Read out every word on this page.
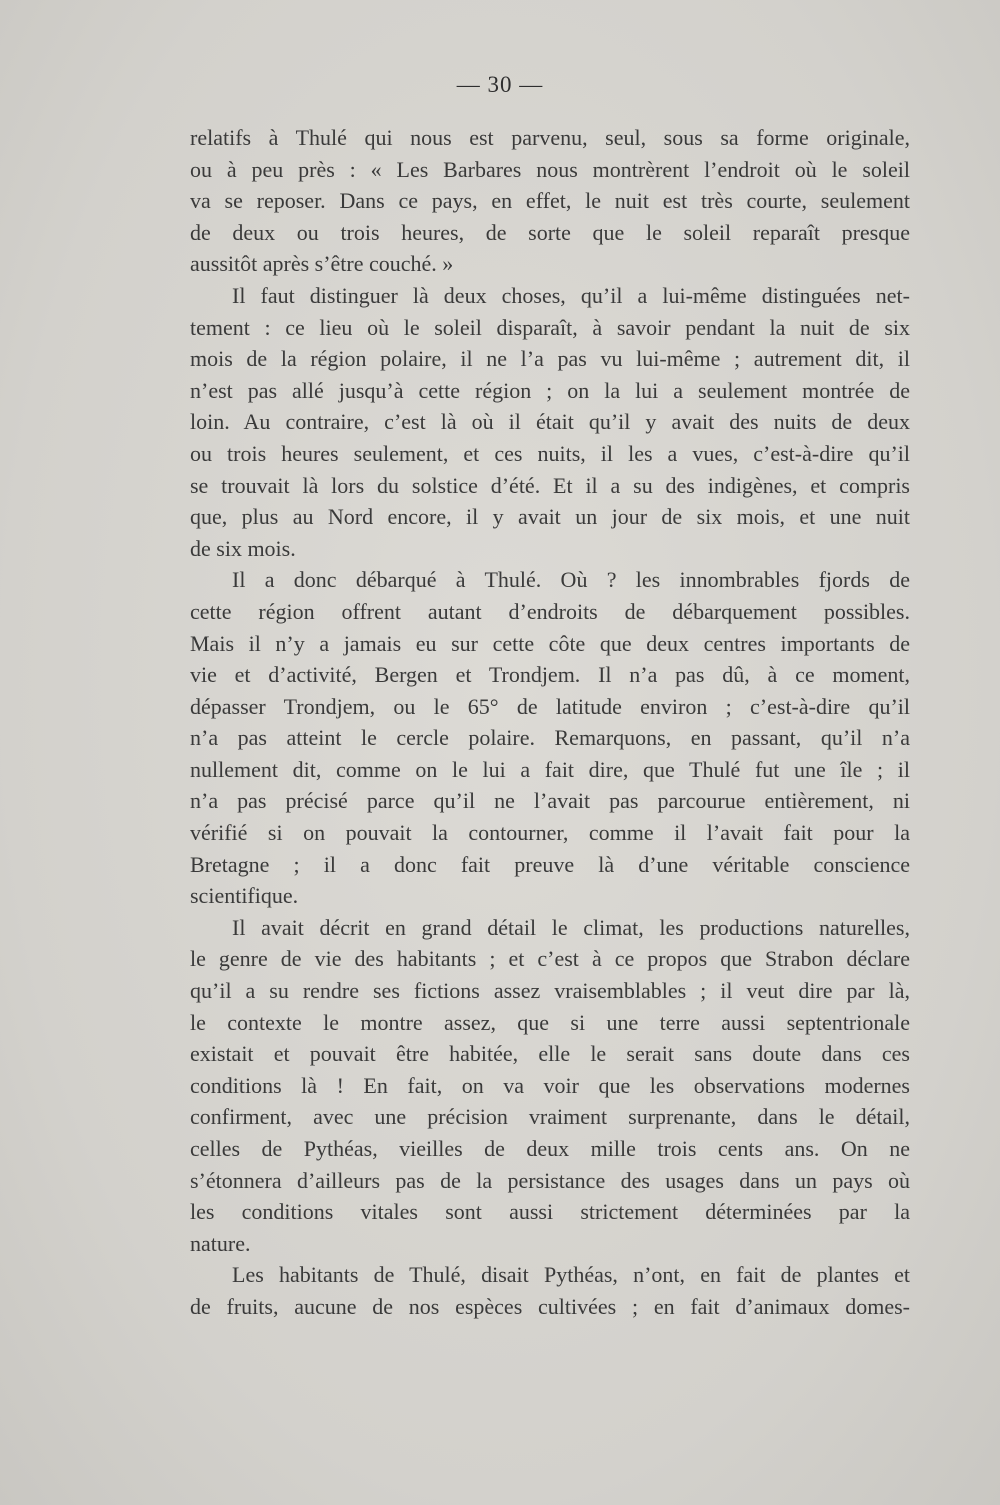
— 30 —

relatifs à Thulé qui nous est parvenu, seul, sous sa forme originale,
ou à peu près : « Les Barbares nous montrèrent l’endroit où le soleil
va se reposer. Dans ce pays, en effet, le nuit est très courte, seulement
de deux ou trois heures, de sorte que le soleil reparaît presque
aussitôt après s’être couché. »

Il faut distinguer là deux choses, qu’il a lui-même distinguées net-
tement : ce lieu où le soleil disparaît, à savoir pendant la nuit de six
mois de la région polaire, il ne l’a pas vu lui-même ; autrement dit, il
n’est pas allé jusqu’à cette région ; on la lui a seulement montrée de
loin. Au contraire, c’est là où il était qu’il y avait des nuits de deux
ou trois heures seulement, et ces nuits, il les a vues, c’est-à-dire qu’il
se trouvait là lors du solstice d’été. Et il a su des indigènes, et compris
que, plus au Nord encore, il y avait un jour de six mois, et une nuit
de six mois.

Il a donc débarqué à Thulé. Où ? les innombrables fjords de
cette région offrent autant d’endroits de débarquement possibles.
Mais il n’y a jamais eu sur cette côte que deux centres importants de
vie et d’activité, Bergen et Trondjem. Il n’a pas dû, à ce moment,
dépasser Trondjem, ou le 65° de latitude environ ; c’est-à-dire qu’il
n’a pas atteint le cercle polaire. Remarquons, en passant, qu’il n’a
nullement dit, comme on le lui a fait dire, que Thulé fut une île ; il
n’a pas précisé parce qu’il ne l’avait pas parcourue entièrement, ni
vérifié si on pouvait la contourner, comme il l’avait fait pour la
Bretagne ; il a donc fait preuve là d’une véritable conscience
scientifique.

Il avait décrit en grand détail le climat, les productions naturelles,
le genre de vie des habitants ; et c’est à ce propos que Strabon déclare
qu’il a su rendre ses fictions assez vraisemblables ; il veut dire par là,
le contexte le montre assez, que si une terre aussi septentrionale
existait et pouvait être habitée, elle le serait sans doute dans ces
conditions là ! En fait, on va voir que les observations modernes
confirment, avec une précision vraiment surprenante, dans le détail,
celles de Pythéas, vieilles de deux mille trois cents ans. On ne
s’étonnera d’ailleurs pas de la persistance des usages dans un pays où
les conditions vitales sont aussi strictement déterminées par la
nature.

Les habitants de Thulé, disait Pythéas, n’ont, en fait de plantes et
de fruits, aucune de nos espèces cultivées ; en fait d’animaux domes-
